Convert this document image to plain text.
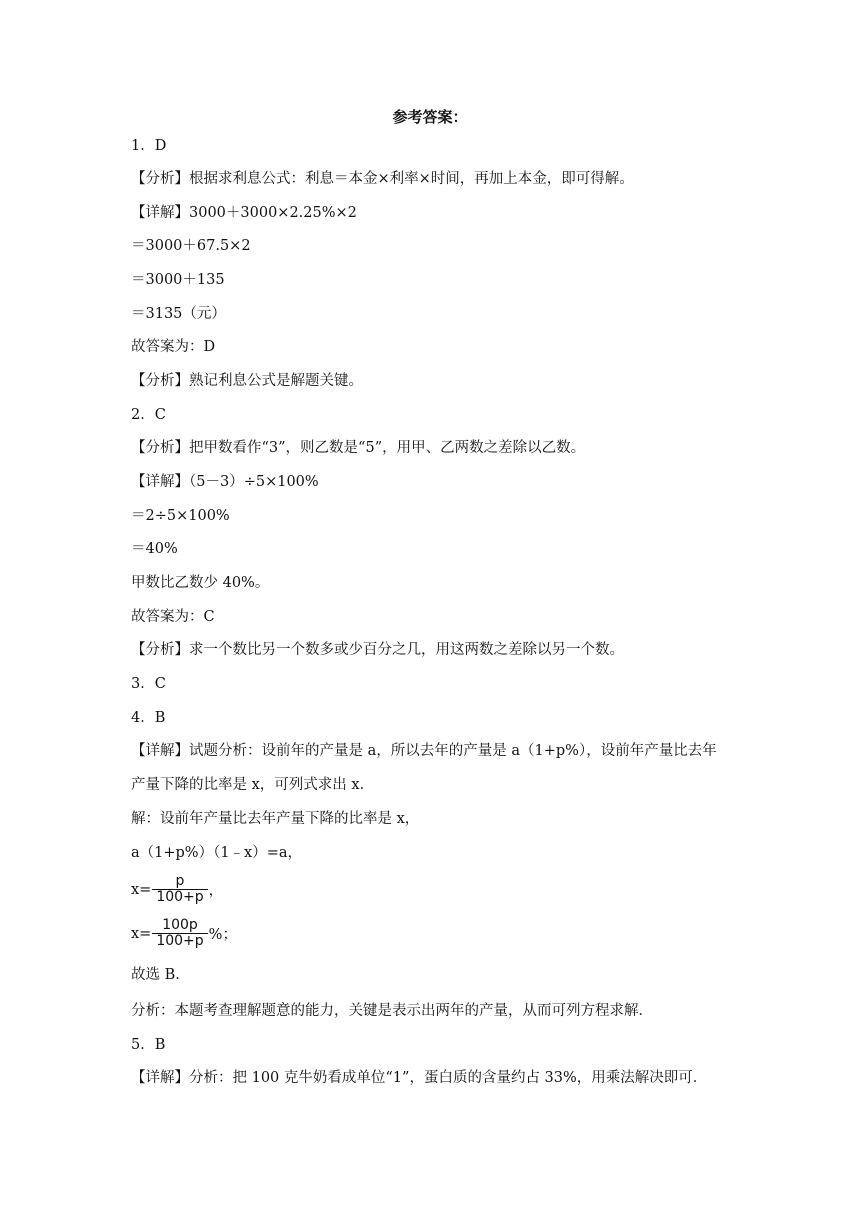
参考答案：
1．D
【分析】根据求利息公式：利息＝本金×利率×时间，再加上本金，即可得解。
【详解】3000＋3000×2.25%×2
＝3000＋67.5×2
＝3000＋135
＝3135（元）
故答案为：D
【分析】熟记利息公式是解题关键。
2．C
【分析】把甲数看作“3”，则乙数是“5”，用甲、乙两数之差除以乙数。
【详解】（5－3）÷5×100%
＝2÷5×100%
＝40%
甲数比乙数少 40%。
故答案为：C
【分析】求一个数比另一个数多或少百分之几，用这两数之差除以另一个数。
3．C
4．B
【详解】试题分析：设前年的产量是 a，所以去年的产量是 a（1+p%），设前年产量比去年
产量下降的比率是 x，可列式求出 x．
解：设前年产量比去年产量下降的比率是 x，
a（1+p%）（1﹣x）=a，
$x= \frac{p}{100+p}$ ，
$x= \frac{100p}{100+p}$ %；
故选 B．
分析：本题考查理解题意的能力，关键是表示出两年的产量，从而可列方程求解．
5．B
【详解】分析：把 100 克牛奶看成单位“1”，蛋白质的含量约占 33%，用乘法解决即可．
